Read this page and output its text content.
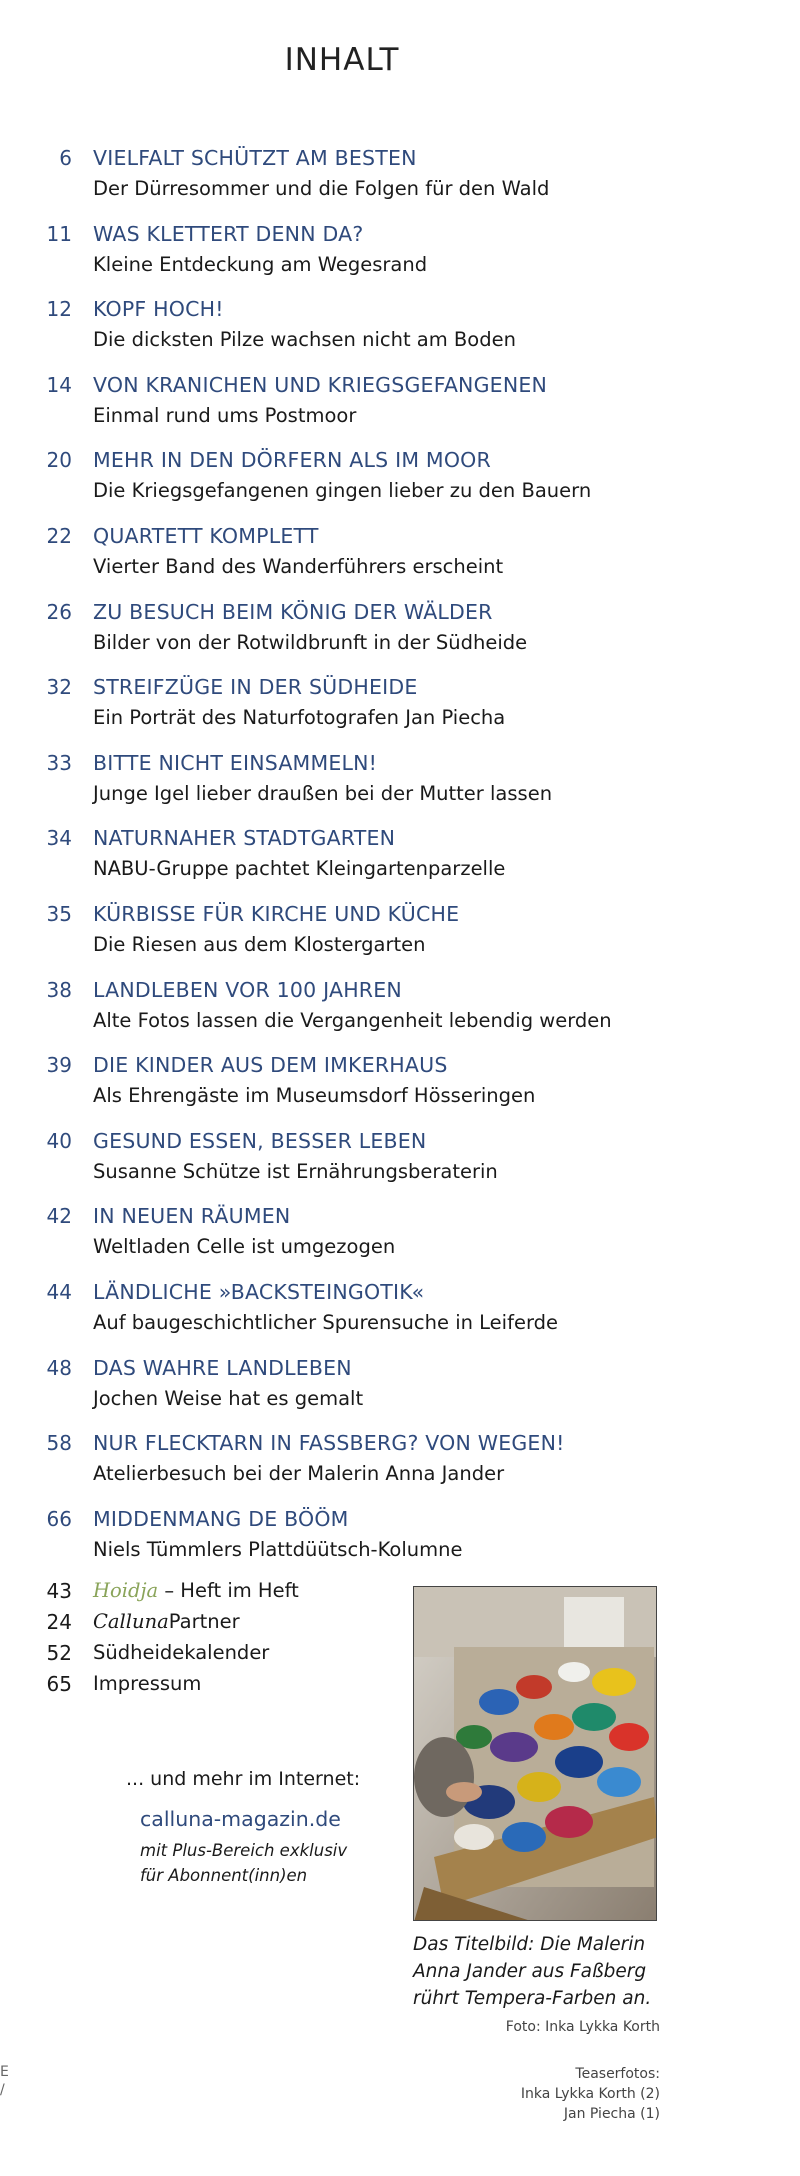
INHALT
6 VIELFALT SCHÜTZT AM BESTEN
Der Dürresommer und die Folgen für den Wald
11 WAS KLETTERT DENN DA?
Kleine Entdeckung am Wegesrand
12 KOPF HOCH!
Die dicksten Pilze wachsen nicht am Boden
14 VON KRANICHEN UND KRIEGSGEFANGENEN
Einmal rund ums Postmoor
20 MEHR IN DEN DÖRFERN ALS IM MOOR
Die Kriegsgefangenen gingen lieber zu den Bauern
22 QUARTETT KOMPLETT
Vierter Band des Wanderführers erscheint
26 ZU BESUCH BEIM KÖNIG DER WÄLDER
Bilder von der Rotwildbrunft in der Südheide
32 STREIFZÜGE IN DER SÜDHEIDE
Ein Porträt des Naturfotografen Jan Piecha
33 BITTE NICHT EINSAMMELN!
Junge Igel lieber draußen bei der Mutter lassen
34 NATURNAHER STADTGARTEN
NABU-Gruppe pachtet Kleingartenparzelle
35 KÜRBISSE FÜR KIRCHE UND KÜCHE
Die Riesen aus dem Klostergarten
38 LANDLEBEN VOR 100 JAHREN
Alte Fotos lassen die Vergangenheit lebendig werden
39 DIE KINDER AUS DEM IMKERHAUS
Als Ehrengäste im Museumsdorf Hösseringen
40 GESUND ESSEN, BESSER LEBEN
Susanne Schütze ist Ernährungsberaterin
42 IN NEUEN RÄUMEN
Weltladen Celle ist umgezogen
44 LÄNDLICHE »BACKSTEINGOTIK«
Auf baugeschichtlicher Spurensuche in Leiferde
48 DAS WAHRE LANDLEBEN
Jochen Weise hat es gemalt
58 NUR FLECKTARN IN FASSBERG? VON WEGEN!
Atelierbesuch bei der Malerin Anna Jander
66 MIDDENMANG DE BÖÖM
Niels Tümmlers Plattdüütsch-Kolumne
43 Hoidja – Heft im Heft
24 CallunaPartner
52 Südheidekalender
65 Impressum
... und mehr im Internet:
calluna-magazin.de
mit Plus-Bereich exklusiv
für Abonnent(inn)en
Das Titelbild: Die Malerin
Anna Jander aus Faßberg
rührt Tempera-Farben an.
Foto: Inka Lykka Korth
Teaserfotos:
Inka Lykka Korth (2)
Jan Piecha (1)
E
/
